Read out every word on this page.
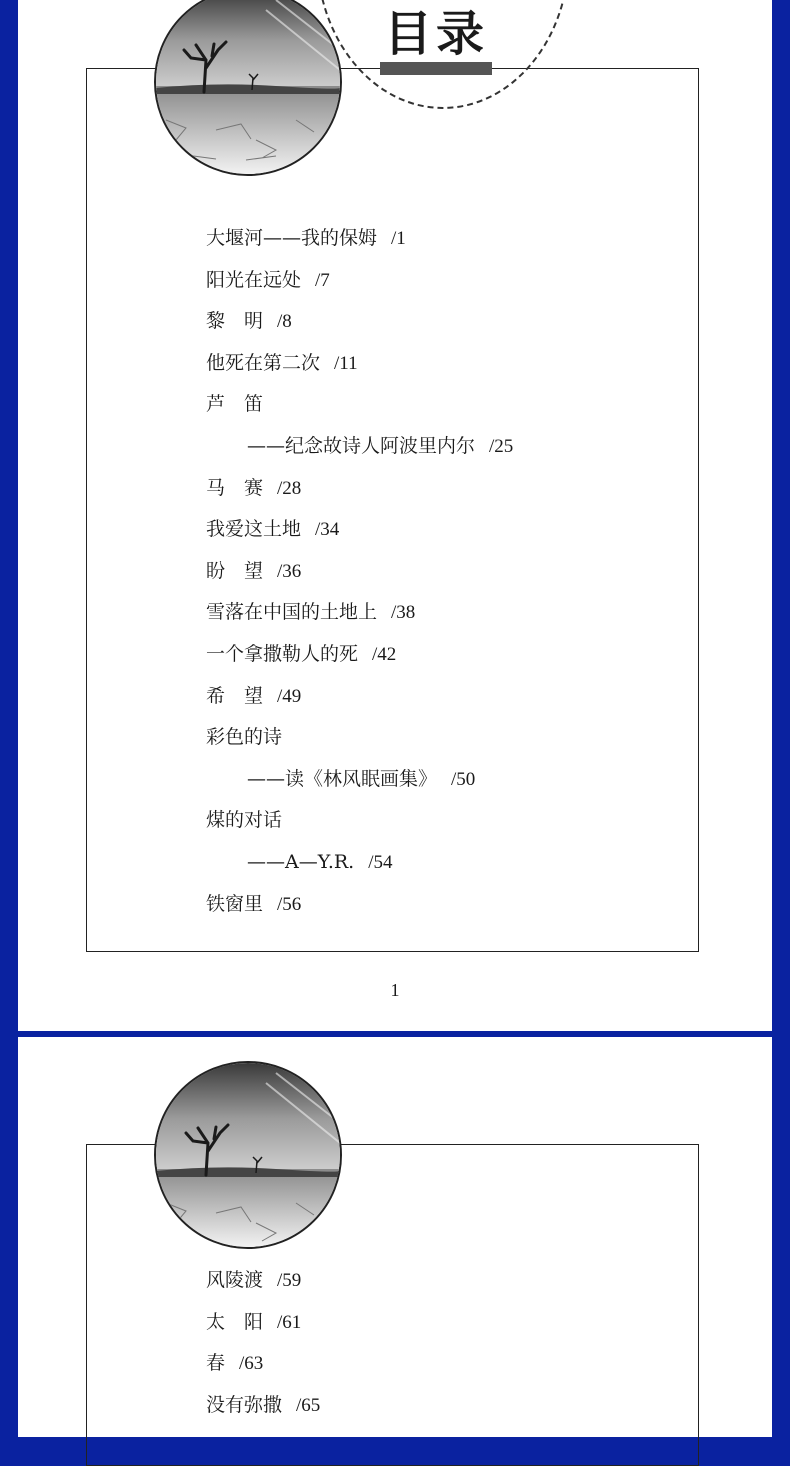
目录
大堰河——我的保姆 /1
阳光在远处 /7
黎　明 /8
他死在第二次 /11
芦　笛
——纪念故诗人阿波里内尔 /25
马　赛 /28
我爱这土地 /34
盼　望 /36
雪落在中国的土地上 /38
一个拿撒勒人的死 /42
希　望 /49
彩色的诗
——读《林风眠画集》 /50
煤的对话
——A—Y.R. /54
铁窗里 /56
1
风陵渡 /59
太　阳 /61
春 /63
没有弥撒 /65
